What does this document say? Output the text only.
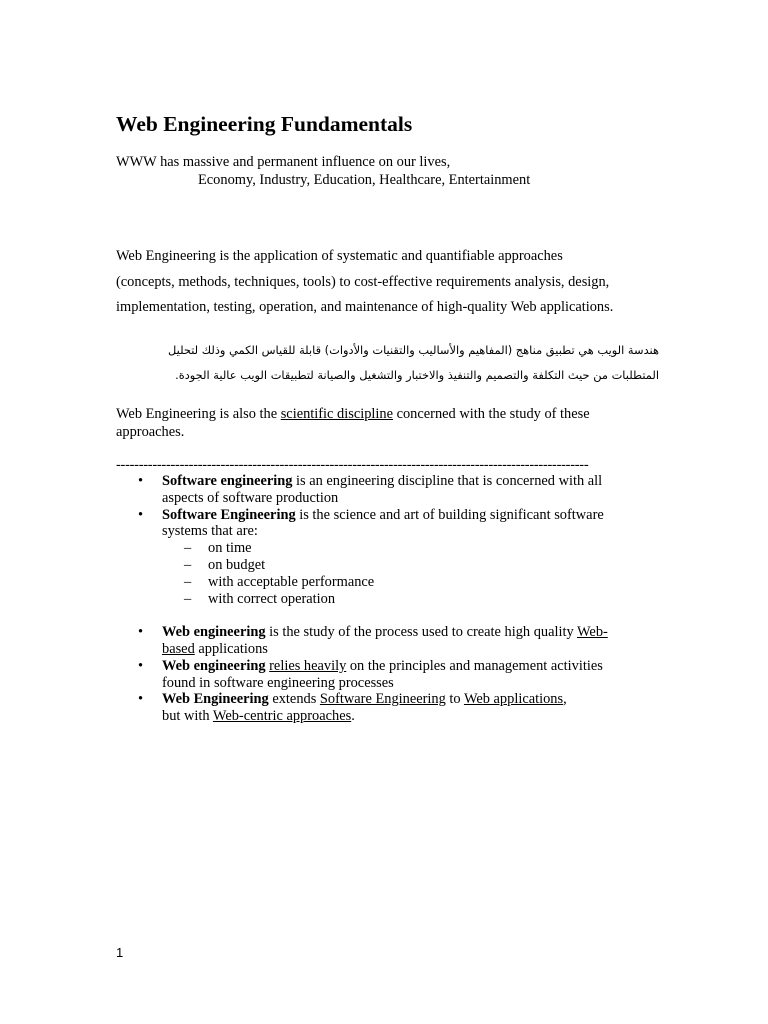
Web Engineering Fundamentals
WWW has massive and permanent influence on our lives,
Economy, Industry, Education, Healthcare, Entertainment
Web Engineering is the application of systematic and quantifiable approaches
(concepts, methods, techniques, tools) to cost-effective requirements analysis, design,
implementation, testing, operation, and maintenance of high-quality Web applications.
هندسة الويب هي تطبيق مناهج (المفاهيم والأساليب والتقنيات والأدوات) قابلة للقياس الكمي وذلك لتحليل
المتطلبات من حيث التكلفة والتصميم والتنفيذ والاختبار والتشغيل والصيانة لتطبيقات الويب عالية الجودة.
Web Engineering is also the scientific discipline concerned with the study of these
approaches.
--------------------------------------------------------------------------------------------------------
• Software engineering is an engineering discipline that is concerned with all
aspects of software production
• Software Engineering is the science and art of building significant software
systems that are:
– on time
– on budget
– with acceptable performance
– with correct operation
• Web engineering is the study of the process used to create high quality Web-
based applications
• Web engineering relies heavily on the principles and management activities
found in software engineering processes
• Web Engineering extends Software Engineering to Web applications,
but with Web-centric approaches.
1
